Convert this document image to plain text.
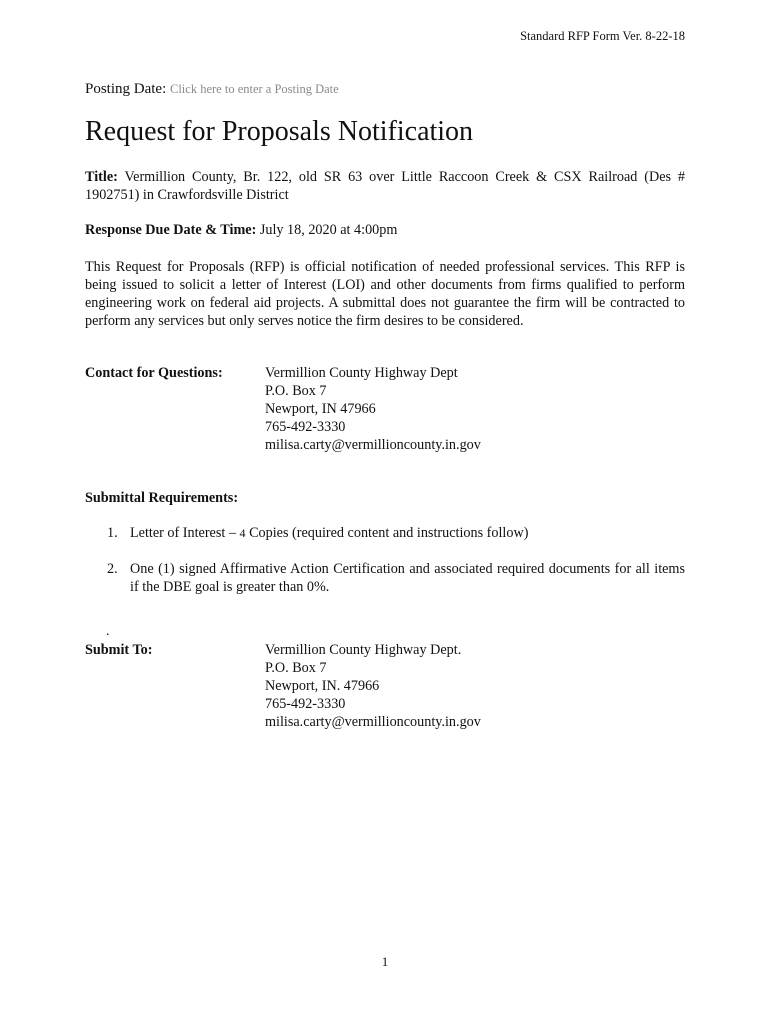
Standard RFP Form Ver. 8-22-18
Posting Date: Click here to enter a Posting Date
Request for Proposals Notification
Title: Vermillion County, Br. 122, old SR 63 over Little Raccoon Creek & CSX Railroad (Des # 1902751) in Crawfordsville District
Response Due Date & Time: July 18, 2020 at 4:00pm
This Request for Proposals (RFP) is official notification of needed professional services. This RFP is being issued to solicit a letter of Interest (LOI) and other documents from firms qualified to perform engineering work on federal aid projects. A submittal does not guarantee the firm will be contracted to perform any services but only serves notice the firm desires to be considered.
Contact for Questions:	Vermillion County Highway Dept
P.O. Box 7
Newport, IN 47966
765-492-3330
milisa.carty@vermillioncounty.in.gov
Submittal Requirements:
1. Letter of Interest – 4 Copies (required content and instructions follow)
2. One (1) signed Affirmative Action Certification and associated required documents for all items if the DBE goal is greater than 0%.
.
Submit To:	Vermillion County Highway Dept.
P.O. Box 7
Newport, IN. 47966
765-492-3330
milisa.carty@vermillioncounty.in.gov
1
